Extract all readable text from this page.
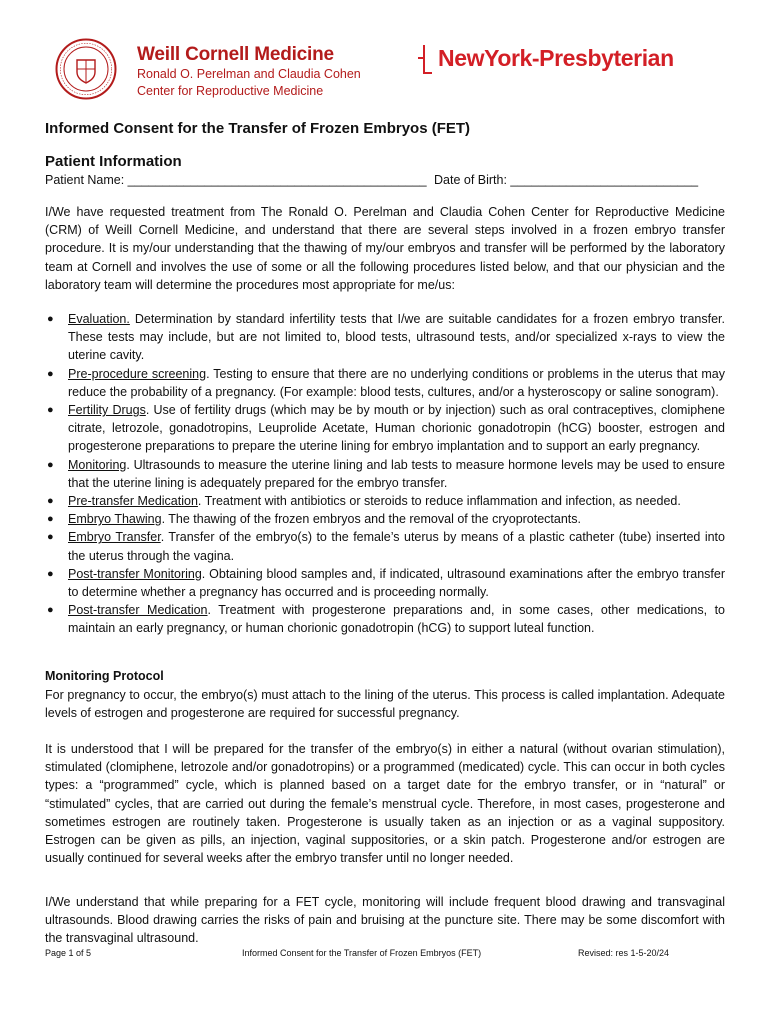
Weill Cornell Medicine
Ronald O. Perelman and Claudia Cohen
Center for Reproductive Medicine
NewYork-Presbyterian
Informed Consent for the Transfer of Frozen Embryos (FET)
Patient Information
Patient Name: ___________________________________________ Date of Birth: ___________________________
I/We have requested treatment from The Ronald O. Perelman and Claudia Cohen Center for Reproductive Medicine (CRM) of Weill Cornell Medicine, and understand that there are several steps involved in a frozen embryo transfer procedure. It is my/our understanding that the thawing of my/our embryos and transfer will be performed by the laboratory team at Cornell and involves the use of some or all the following procedures listed below, and that our physician and the laboratory team will determine the procedures most appropriate for me/us:
● Evaluation. Determination by standard infertility tests that I/we are suitable candidates for a frozen embryo transfer. These tests may include, but are not limited to, blood tests, ultrasound tests, and/or specialized x-rays to view the uterine cavity.
● Pre-procedure screening. Testing to ensure that there are no underlying conditions or problems in the uterus that may reduce the probability of a pregnancy. (For example: blood tests, cultures, and/or a hysteroscopy or saline sonogram).
● Fertility Drugs. Use of fertility drugs (which may be by mouth or by injection) such as oral contraceptives, clomiphene citrate, letrozole, gonadotropins, Leuprolide Acetate, Human chorionic gonadotropin (hCG) booster, estrogen and progesterone preparations to prepare the uterine lining for embryo implantation and to support an early pregnancy.
● Monitoring. Ultrasounds to measure the uterine lining and lab tests to measure hormone levels may be used to ensure that the uterine lining is adequately prepared for the embryo transfer.
● Pre-transfer Medication. Treatment with antibiotics or steroids to reduce inflammation and infection, as needed.
● Embryo Thawing. The thawing of the frozen embryos and the removal of the cryoprotectants.
● Embryo Transfer. Transfer of the embryo(s) to the female’s uterus by means of a plastic catheter (tube) inserted into the uterus through the vagina.
● Post-transfer Monitoring. Obtaining blood samples and, if indicated, ultrasound examinations after the embryo transfer to determine whether a pregnancy has occurred and is proceeding normally.
● Post-transfer Medication. Treatment with progesterone preparations and, in some cases, other medications, to maintain an early pregnancy, or human chorionic gonadotropin (hCG) to support luteal function.
Monitoring Protocol
For pregnancy to occur, the embryo(s) must attach to the lining of the uterus. This process is called implantation. Adequate levels of estrogen and progesterone are required for successful pregnancy.
It is understood that I will be prepared for the transfer of the embryo(s) in either a natural (without ovarian stimulation), stimulated (clomiphene, letrozole and/or gonadotropins) or a programmed (medicated) cycle. This can occur in both cycles types: a “programmed” cycle, which is planned based on a target date for the embryo transfer, or in “natural” or “stimulated” cycles, that are carried out during the female’s menstrual cycle. Therefore, in most cases, progesterone and sometimes estrogen are routinely taken. Progesterone is usually taken as an injection or as a vaginal suppository. Estrogen can be given as pills, an injection, vaginal suppositories, or a skin patch. Progesterone and/or estrogen are usually continued for several weeks after the embryo transfer until no longer needed.
I/We understand that while preparing for a FET cycle, monitoring will include frequent blood drawing and transvaginal ultrasounds. Blood drawing carries the risks of pain and bruising at the puncture site. There may be some discomfort with the transvaginal ultrasound.
Page 1 of 5	Informed Consent for the Transfer of Frozen Embryos (FET)	Revised: res 1-5-20/24
